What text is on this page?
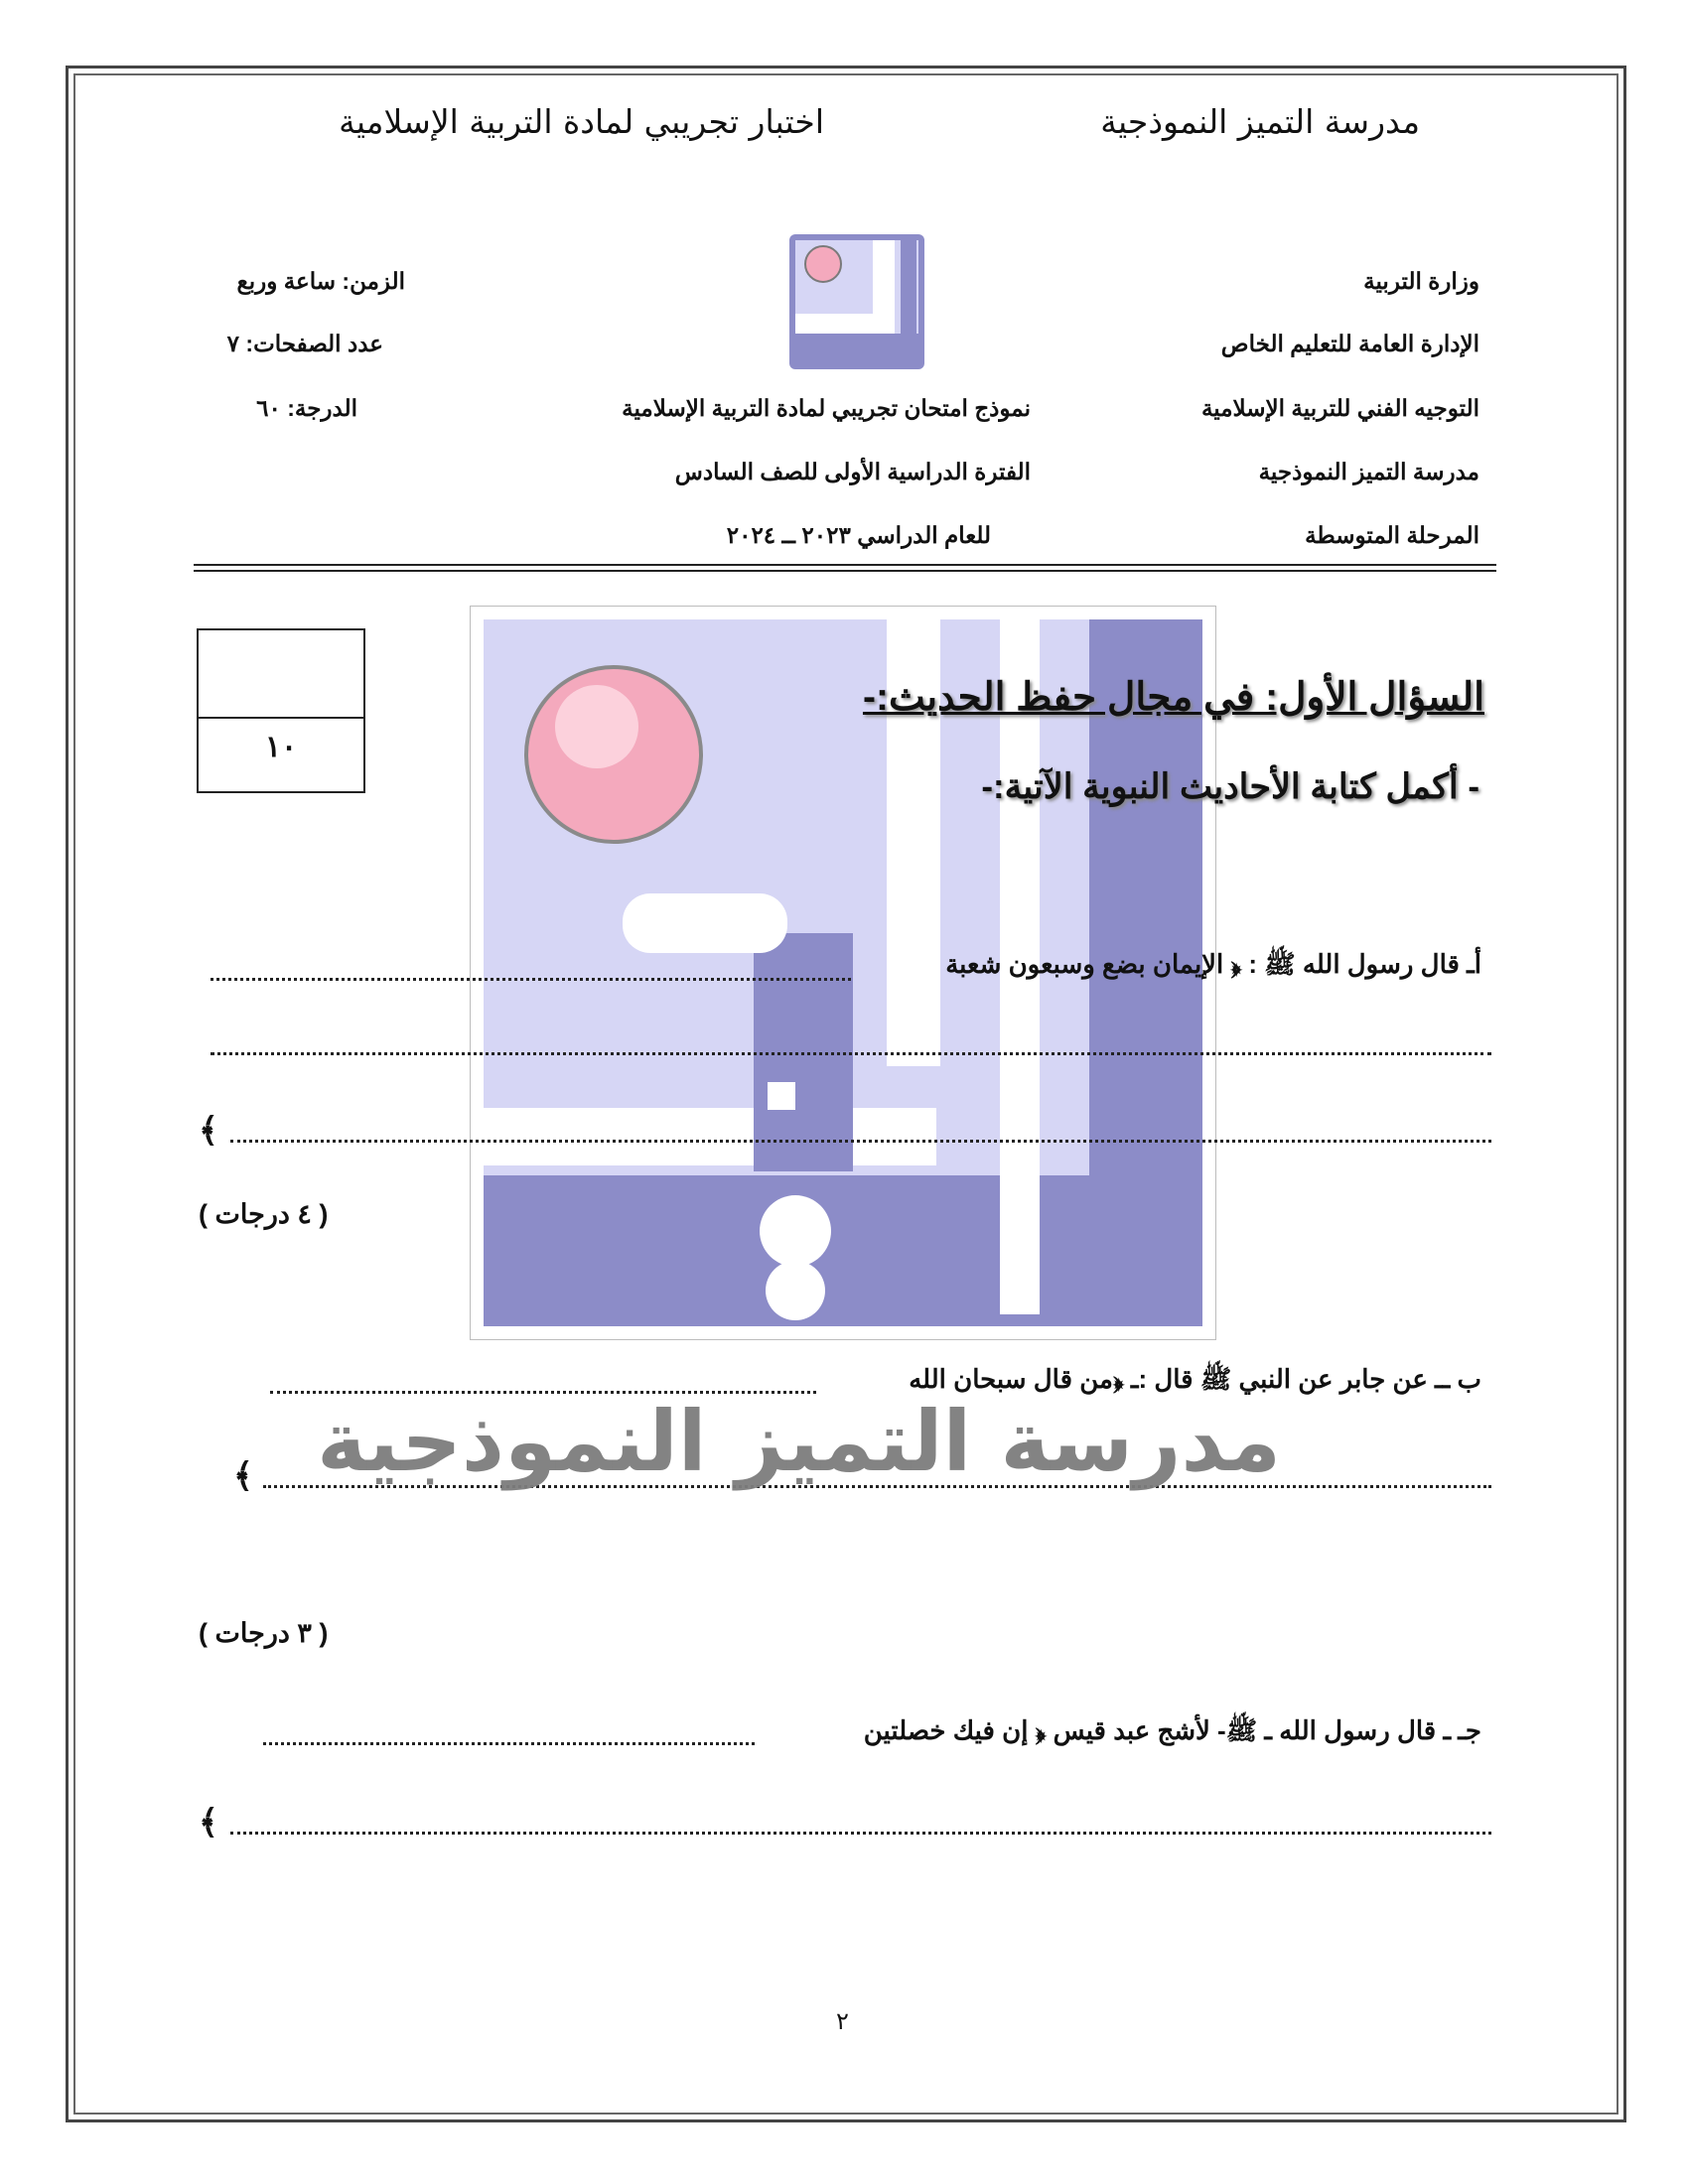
مدرسة التميز النموذجية
اختبار تجريبي لمادة التربية الإسلامية
وزارة التربية
الإدارة العامة للتعليم الخاص
التوجيه الفني للتربية الإسلامية
مدرسة التميز النموذجية
المرحلة المتوسطة
نموذج امتحان تجريبي لمادة التربية الإسلامية
الفترة الدراسية الأولى للصف السادس
للعام الدراسي ٢٠٢٣ ــ ٢٠٢٤
الزمن: ساعة وربع
عدد الصفحات: ٧
الدرجة: ٦٠
١٠
السؤال الأول: في مجال حفظ الحديث:-
- أكمل كتابة الأحاديث النبوية الآتية:-
أـ قال رسول الله ﷺ : ﴿ الإيمان بضع وسبعون شعبة
﴾
( ٤ درجات )
ب ــ عن جابر عن النبي ﷺ قال :ـ ﴿من قال سبحان الله
﴾ مدرسة التميز النموذجية
( ٣ درجات )
جـ ـ قال رسول الله ـ ﷺ- لأشج عبد قيس ﴿ إن فيك خصلتين
﴾
٢
